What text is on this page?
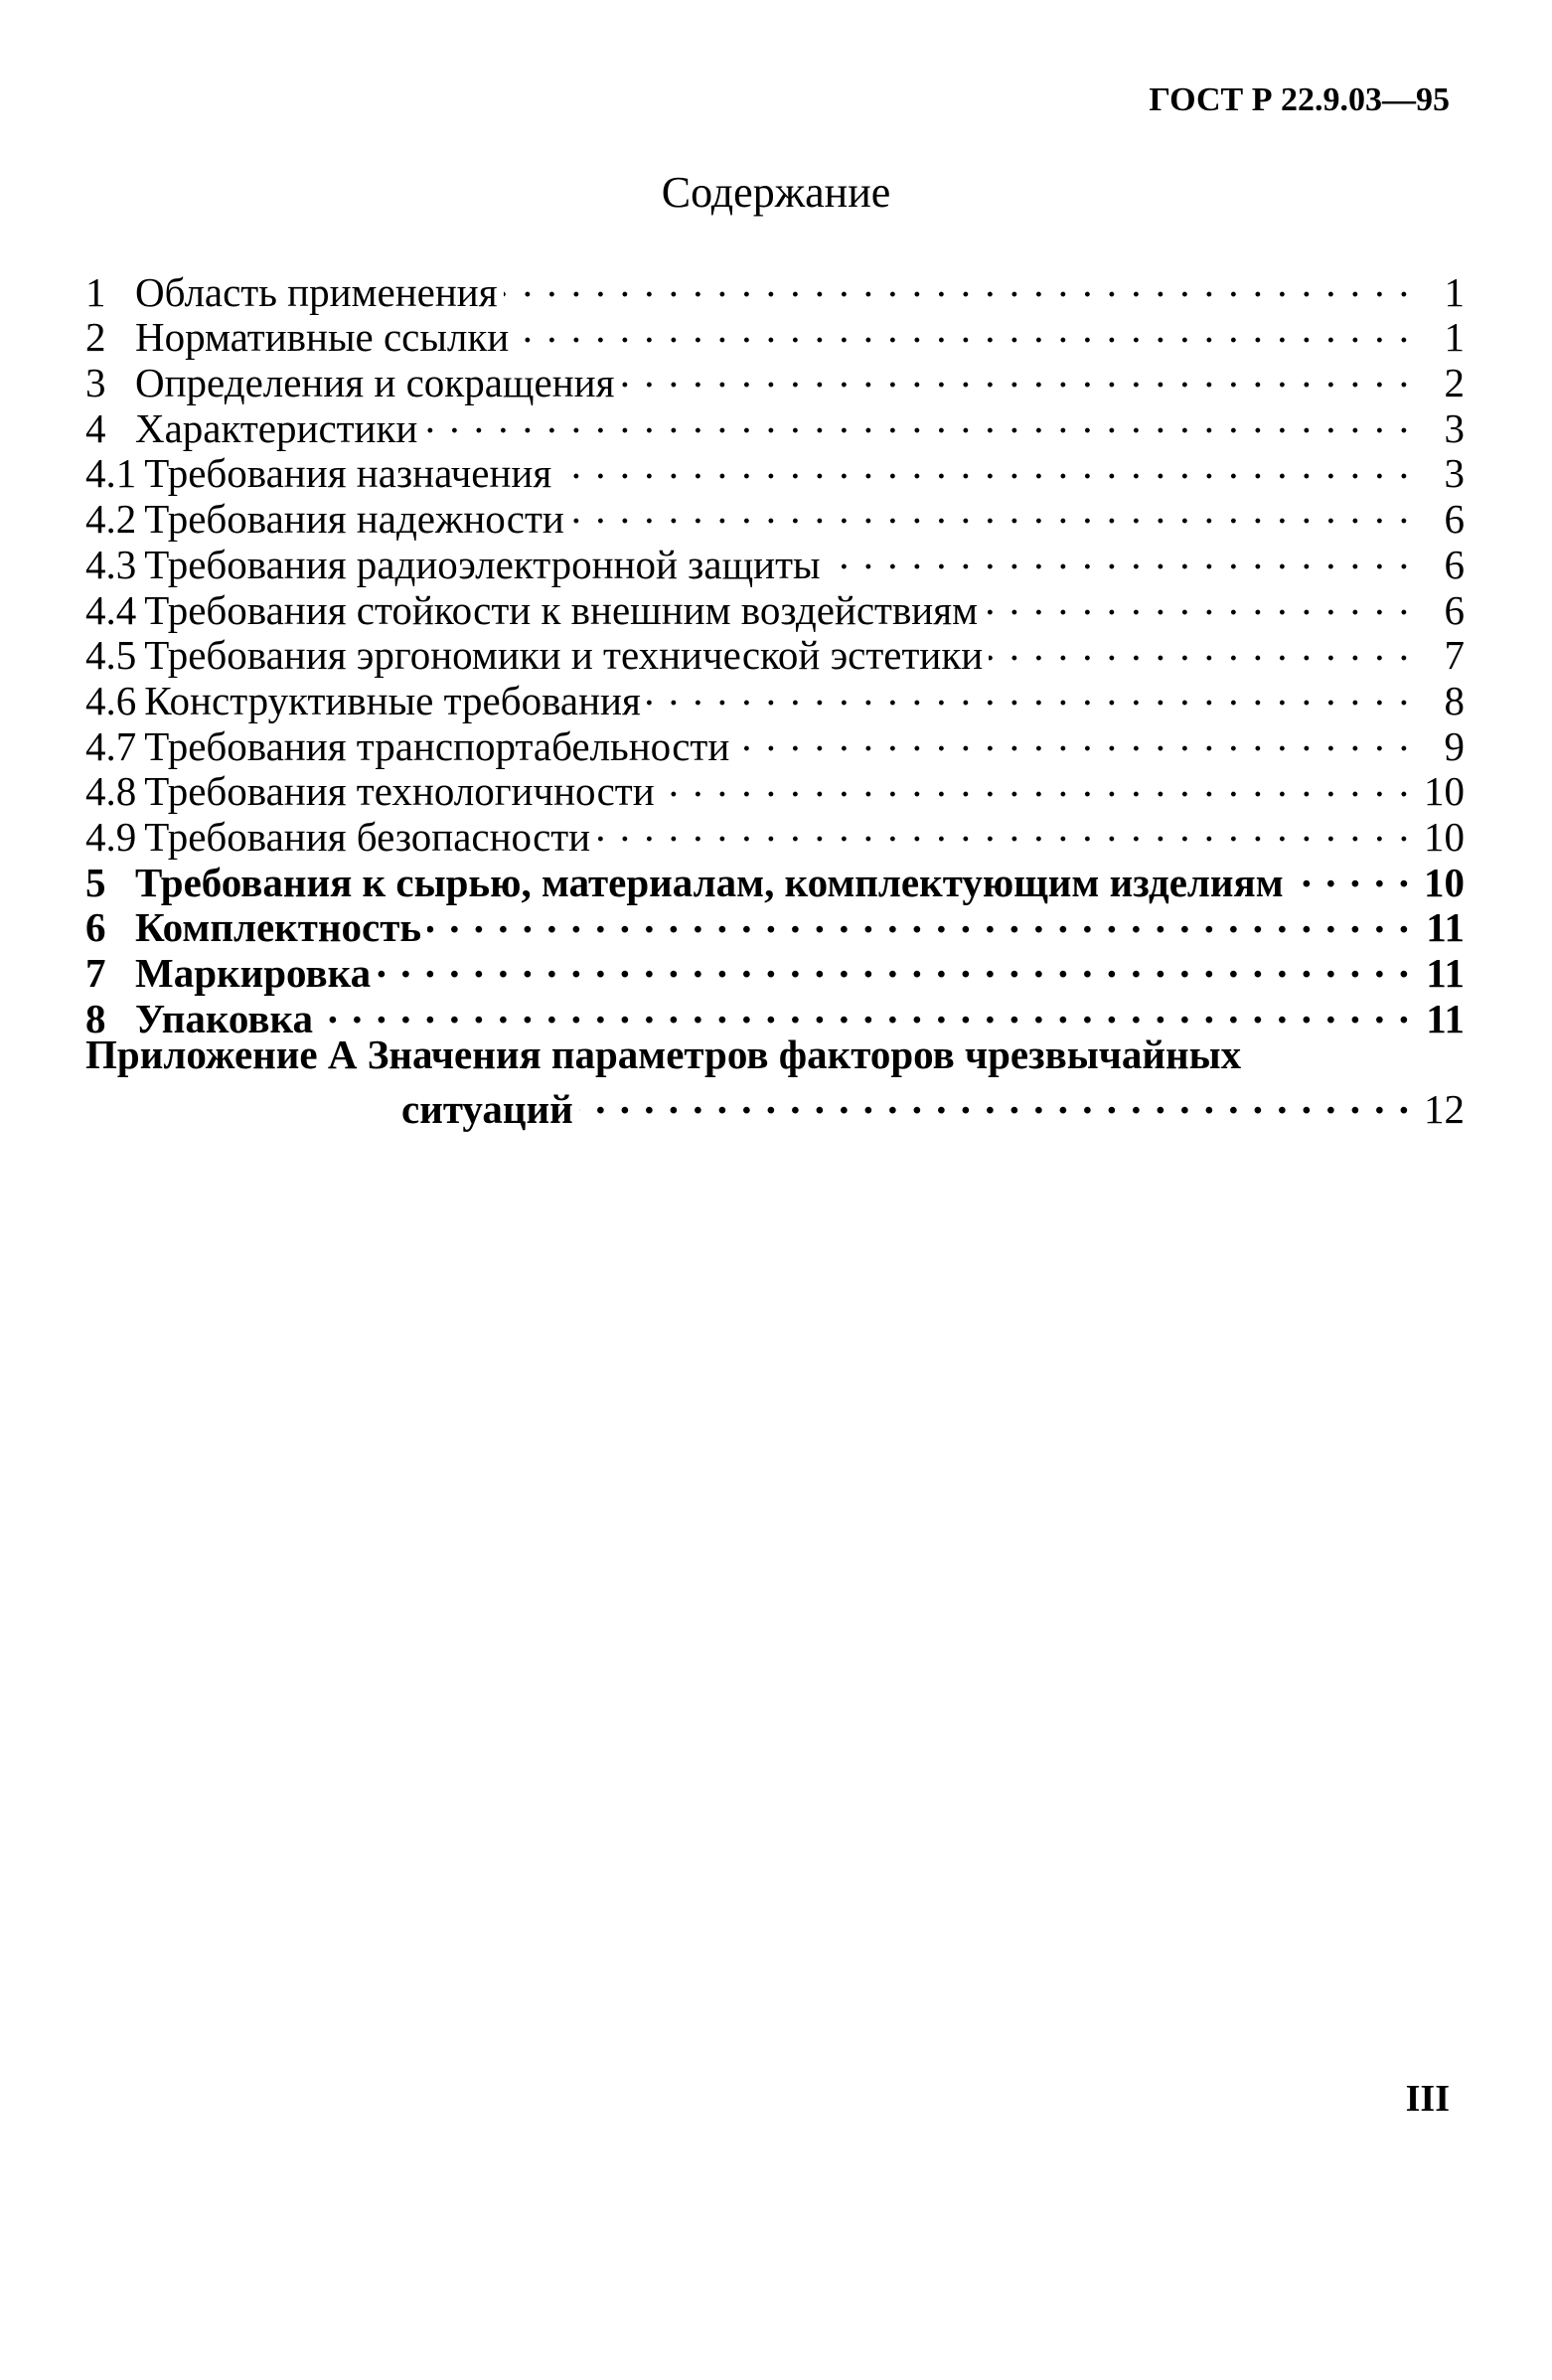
ГОСТ Р 22.9.03—95
Содержание
1 Область применения . . .	1
2 Нормативные ссылки . . .	1
3 Определения и сокращения . . .	2
4 Характеристики . . .	3
4.1 Требования назначения . . .	3
4.2 Требования надежности . . .	6
4.3 Требования радиоэлектронной защиты . . .	6
4.4 Требования стойкости к внешним воздействиям . . .	6
4.5 Требования эргономики и технической эстетики . . .	7
4.6 Конструктивные требования . . .	8
4.7 Требования транспортабельности . . .	9
4.8 Требования технологичности . . .	10
4.9 Требования безопасности . . .	10
5 Требования к сырью, материалам, комплектующим изделиям . . .	10
6 Комплектность . . .	11
7 Маркировка . . .	11
8 Упаковка . . .	11
Приложение А Значения параметров факторов чрезвычайных
ситуаций . . .	12
III
